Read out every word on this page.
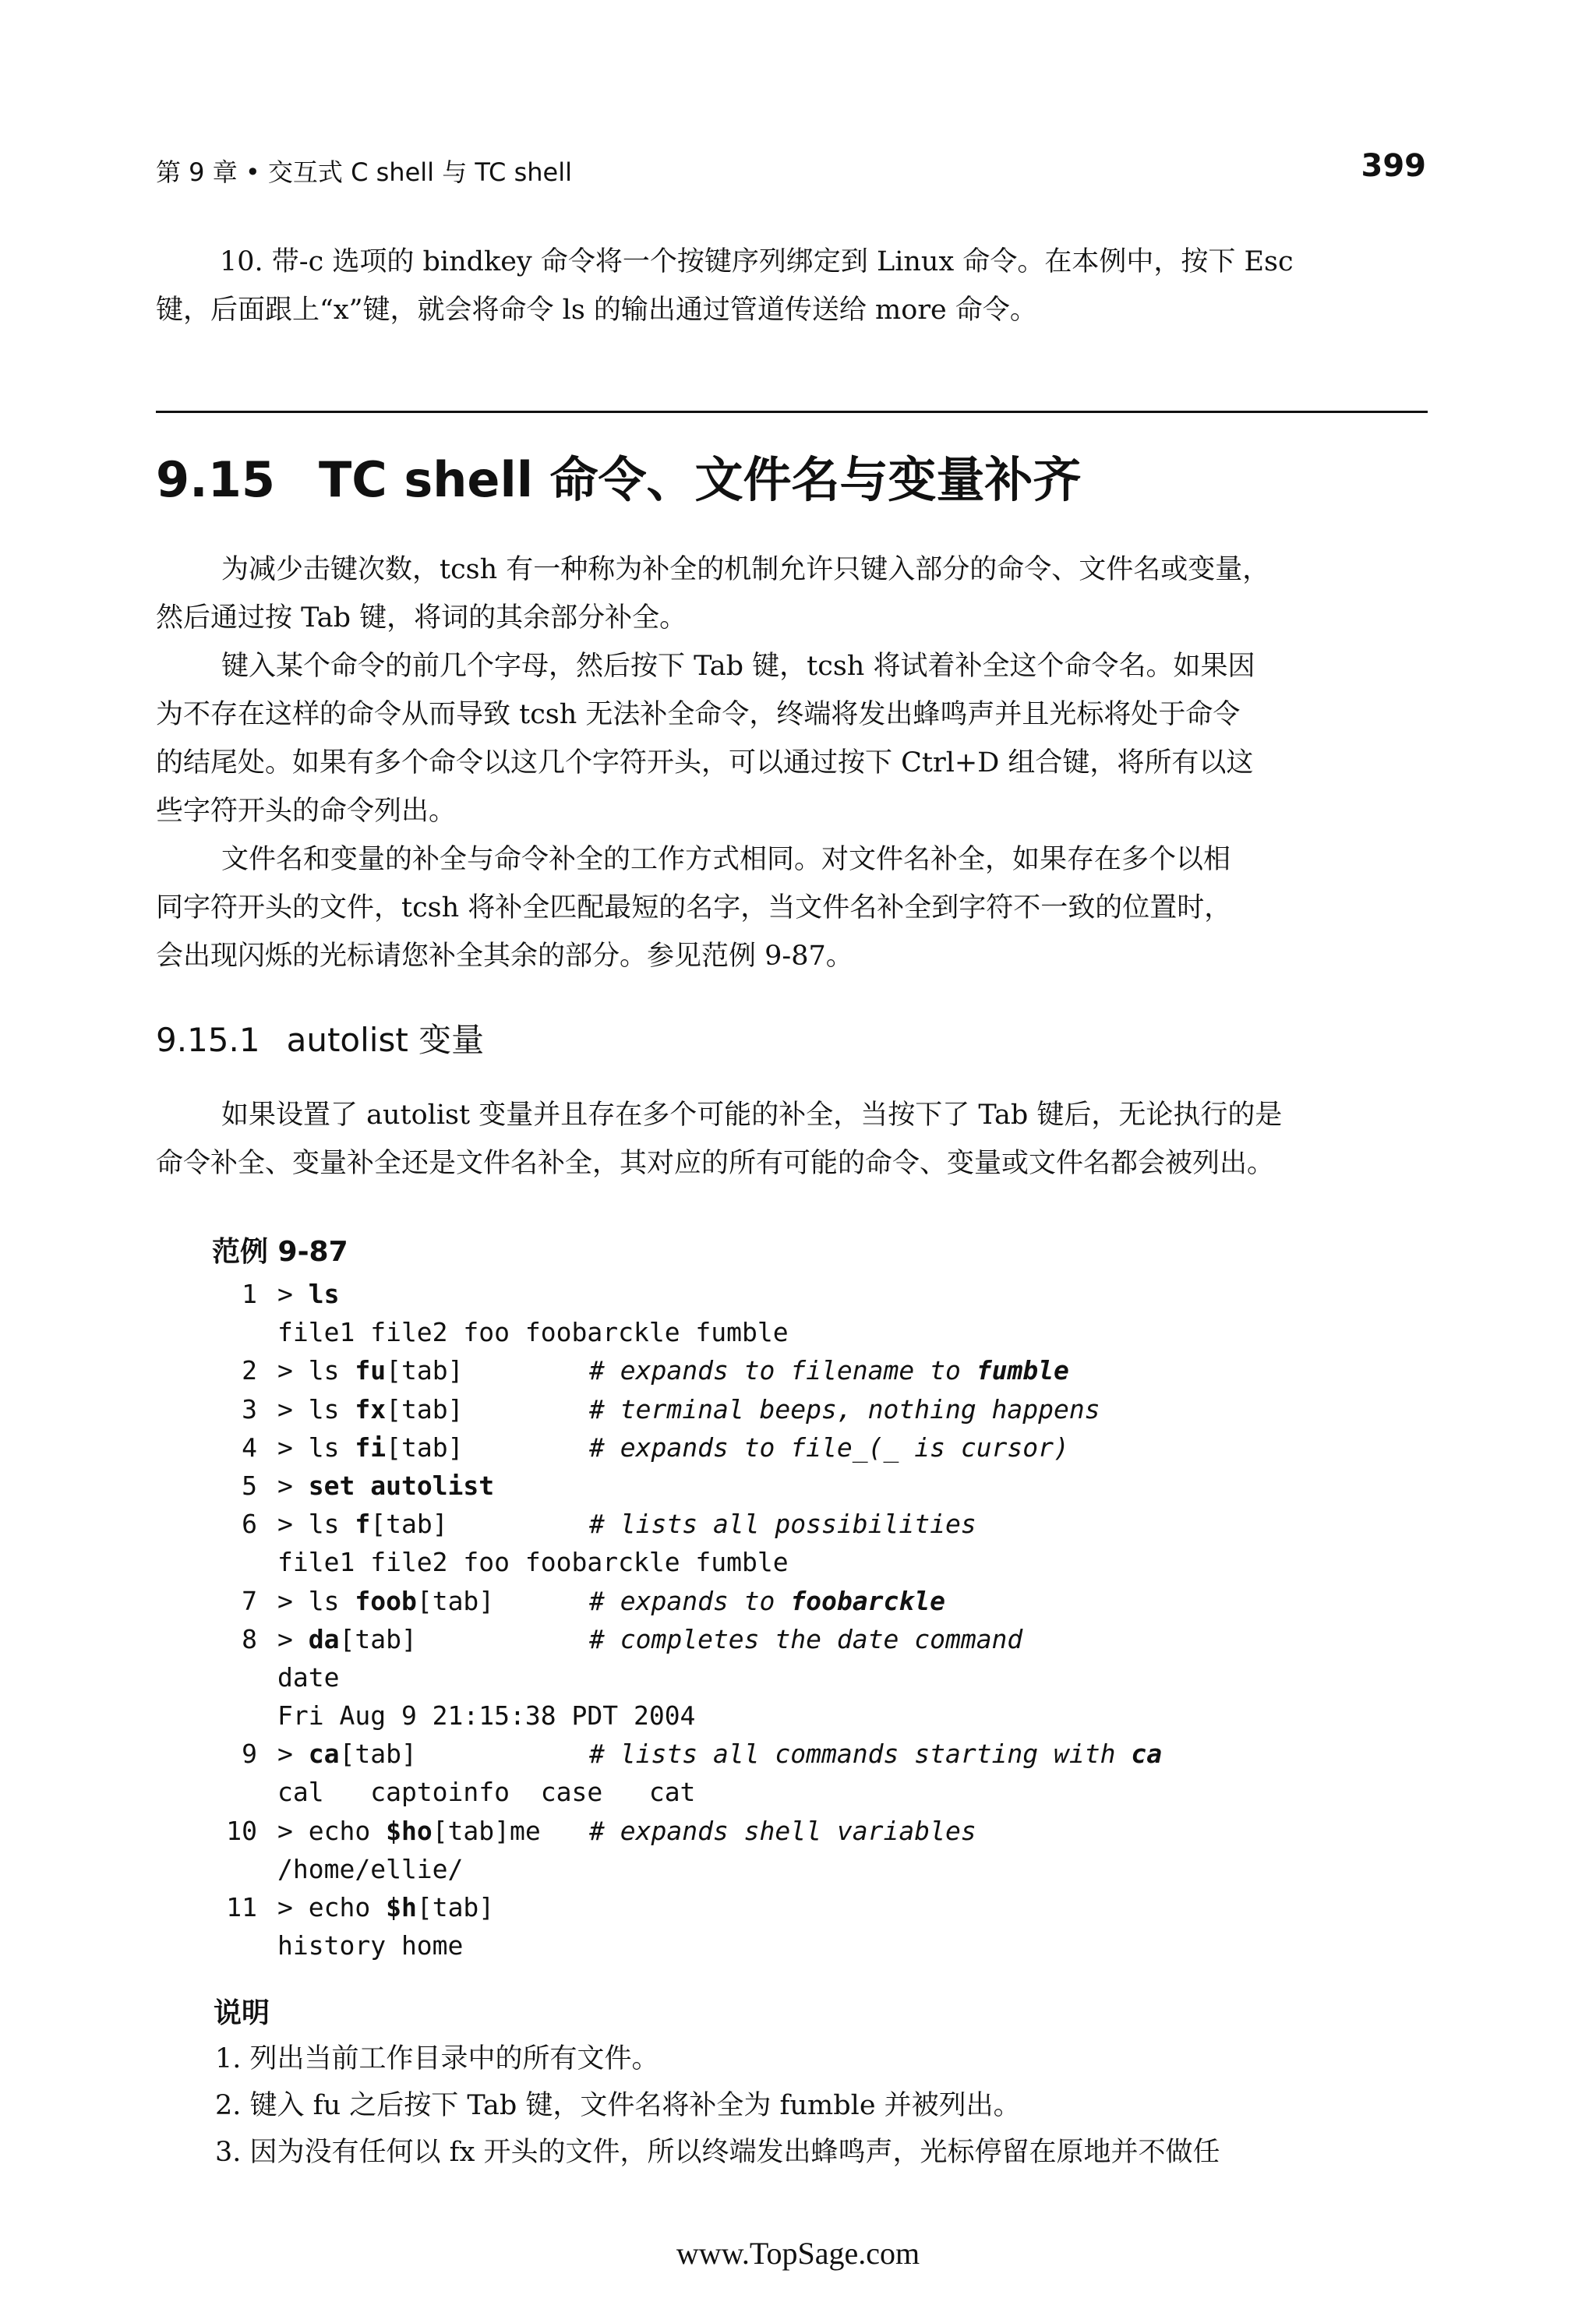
第 9 章 • 交互式 C shell 与 TC shell	399

10. 带-c 选项的 bindkey 命令将一个按键序列绑定到 Linux 命令。在本例中，按下 Esc

键，后面跟上“x”键，就会将命令 ls 的输出通过管道传送给 more 命令。

9.15 TC shell 命令、文件名与变量补齐

为减少击键次数，tcsh 有一种称为补全的机制允许只键入部分的命令、文件名或变量，

然后通过按 Tab 键，将词的其余部分补全。

键入某个命令的前几个字母，然后按下 Tab 键，tcsh 将试着补全这个命令名。如果因

为不存在这样的命令从而导致 tcsh 无法补全命令，终端将发出蜂鸣声并且光标将处于命令

的结尾处。如果有多个命令以这几个字符开头，可以通过按下 Ctrl+D 组合键，将所有以这

些字符开头的命令列出。

文件名和变量的补全与命令补全的工作方式相同。对文件名补全，如果存在多个以相

同字符开头的文件，tcsh 将补全匹配最短的名字，当文件名补全到字符不一致的位置时，

会出现闪烁的光标请您补全其余的部分。参见范例 9-87。

9.15.1 autolist 变量

如果设置了 autolist 变量并且存在多个可能的补全，当按下了 Tab 键后，无论执行的是

命令补全、变量补全还是文件名补全，其对应的所有可能的命令、变量或文件名都会被列出。

范例 9-87

1 > ls
file1 file2 foo foobarckle fumble
2 > ls fu[tab]	# expands to filename to fumble
3 > ls fx[tab]	# terminal beeps, nothing happens
4 > ls fi[tab]	# expands to file_(_ is cursor)
5 > set autolist
6 > ls f[tab]	# lists all possibilities
file1 file2 foo foobarckle fumble
7 > ls foob[tab]	# expands to foobarckle
8 > da[tab]	# completes the date command
date
Fri Aug 9 21:15:38 PDT 2004
9 > ca[tab]	# lists all commands starting with ca
cal   captoinfo  case   cat
10 > echo $ho[tab]me # expands shell variables
/home/ellie/
11 > echo $h[tab]
history home

说明

1. 列出当前工作目录中的所有文件。

2. 键入 fu 之后按下 Tab 键，文件名将补全为 fumble 并被列出。

3. 因为没有任何以 fx 开头的文件，所以终端发出蜂鸣声，光标停留在原地并不做任

www.TopSage.com
